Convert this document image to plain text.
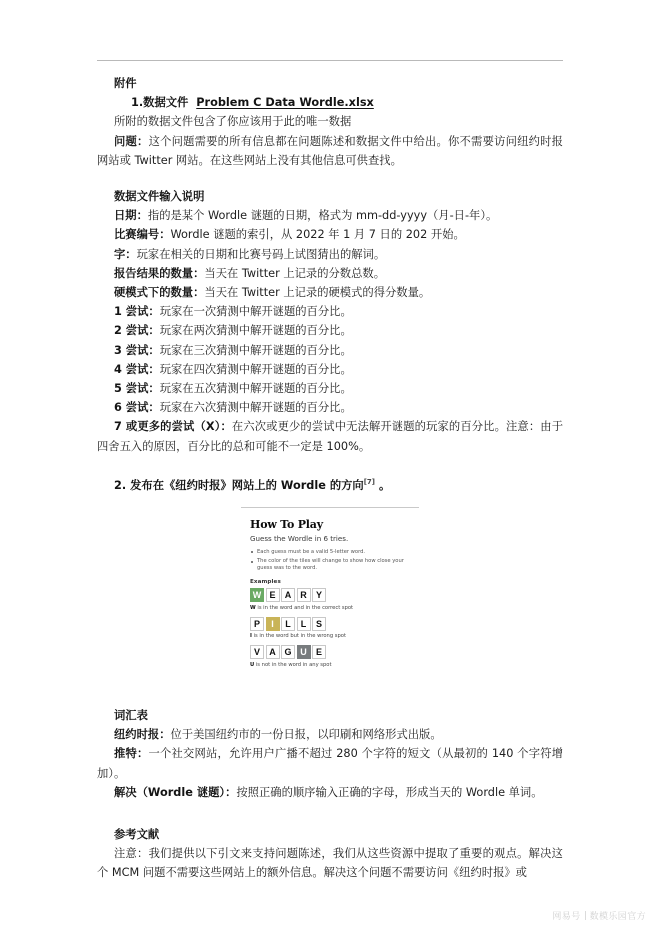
附件
1.数据文件 Problem C Data Wordle.xlsx
所附的数据文件包含了你应该用于此的唯一数据
问题：这个问题需要的所有信息都在问题陈述和数据文件中给出。你不需要访问纽约时报网站或 Twitter 网站。在这些网站上没有其他信息可供查找。
数据文件输入说明
日期：指的是某个 Wordle 谜题的日期，格式为 mm-dd-yyyy（月-日-年）。
比赛编号：Wordle 谜题的索引，从 2022 年 1 月 7 日的 202 开始。
字：玩家在相关的日期和比赛号码上试图猜出的解词。
报告结果的数量：当天在 Twitter 上记录的分数总数。
硬模式下的数量：当天在 Twitter 上记录的硬模式的得分数量。
1 尝试：玩家在一次猜测中解开谜题的百分比。
2 尝试：玩家在两次猜测中解开谜题的百分比。
3 尝试：玩家在三次猜测中解开谜题的百分比。
4 尝试：玩家在四次猜测中解开谜题的百分比。
5 尝试：玩家在五次猜测中解开谜题的百分比。
6 尝试：玩家在六次猜测中解开谜题的百分比。
7 或更多的尝试（X）：在六次或更少的尝试中无法解开谜题的玩家的百分比。注意：由于四舍五入的原因，百分比的总和可能不一定是 100%。
2. 发布在《纽约时报》网站上的 Wordle 的方向[7] 。
How To Play
Guess the Wordle in 6 tries.
Each guess must be a valid 5-letter word.
The color of the tiles will change to show how close your guess was to the word.
Examples
W E	A	R	Y

W is in the word and in the correct spot

P	I	L	L	S

I is in the word but in the wrong spot

V	A G U	E

U is not in the word in any spot

词汇表
纽约时报：位于美国纽约市的一份日报，以印刷和网络形式出版。
推特：一个社交网站，允许用户广播不超过 280 个字符的短文（从最初的 140 个字符增加）。
解决（Wordle 谜题）：按照正确的顺序输入正确的字母，形成当天的 Wordle 单词。
参考文献
注意：我们提供以下引文来支持问题陈述，我们从这些资源中提取了重要的观点。解决这个 MCM 问题不需要这些网站上的额外信息。解决这个问题不需要访问《纽约时报》或
网易号 数模乐园官方
